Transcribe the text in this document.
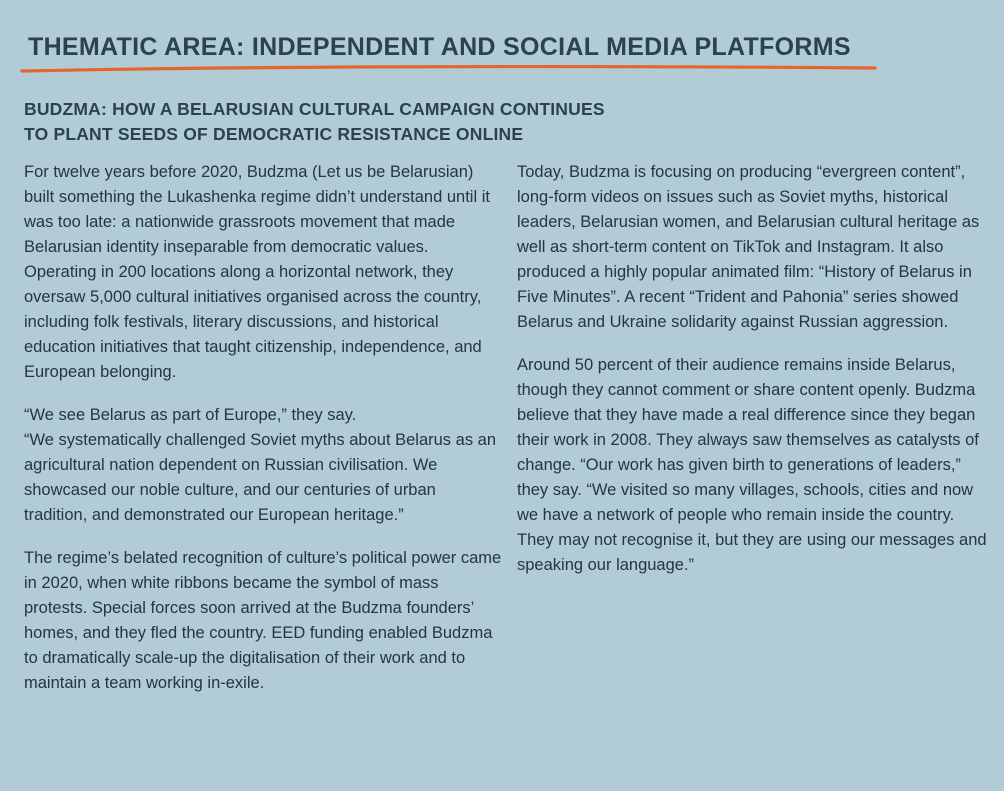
THEMATIC AREA: INDEPENDENT AND SOCIAL MEDIA PLATFORMS
BUDZMA: HOW A BELARUSIAN CULTURAL CAMPAIGN CONTINUES
TO PLANT SEEDS OF DEMOCRATIC RESISTANCE ONLINE

For twelve years before 2020, Budzma (Let us be Belarusian) built something the Lukashenka regime didn’t understand until it was too late: a nationwide grassroots movement that made Belarusian identity inseparable from democratic values. Operating in 200 locations along a horizontal network, they oversaw 5,000 cultural initiatives organised across the country, including folk festivals, literary discussions, and historical education initiatives that taught citizenship, independence, and European belonging.

“We see Belarus as part of Europe,” they say.
“We systematically challenged Soviet myths about Belarus as an agricultural nation dependent on Russian civilisation. We showcased our noble culture, and our centuries of urban tradition, and demonstrated our European heritage.”

The regime’s belated recognition of culture’s political power came in 2020, when white ribbons became the symbol of mass protests. Special forces soon arrived at the Budzma founders’ homes, and they fled the country. EED funding enabled Budzma to dramatically scale-up the digitalisation of their work and to maintain a team working in-exile.

Today, Budzma is focusing on producing “evergreen content”, long-form videos on issues such as Soviet myths, historical leaders, Belarusian women, and Belarusian cultural heritage as well as short-term content on TikTok and Instagram. It also produced a highly popular animated film: “History of Belarus in Five Minutes”. A recent “Trident and Pahonia” series showed Belarus and Ukraine solidarity against Russian aggression.

Around 50 percent of their audience remains inside Belarus, though they cannot comment or share content openly. Budzma believe that they have made a real difference since they began their work in 2008. They always saw themselves as catalysts of change. “Our work has given birth to generations of leaders,” they say. “We visited so many villages, schools, cities and now we have a network of people who remain inside the country. They may not recognise it, but they are using our messages and speaking our language.”
